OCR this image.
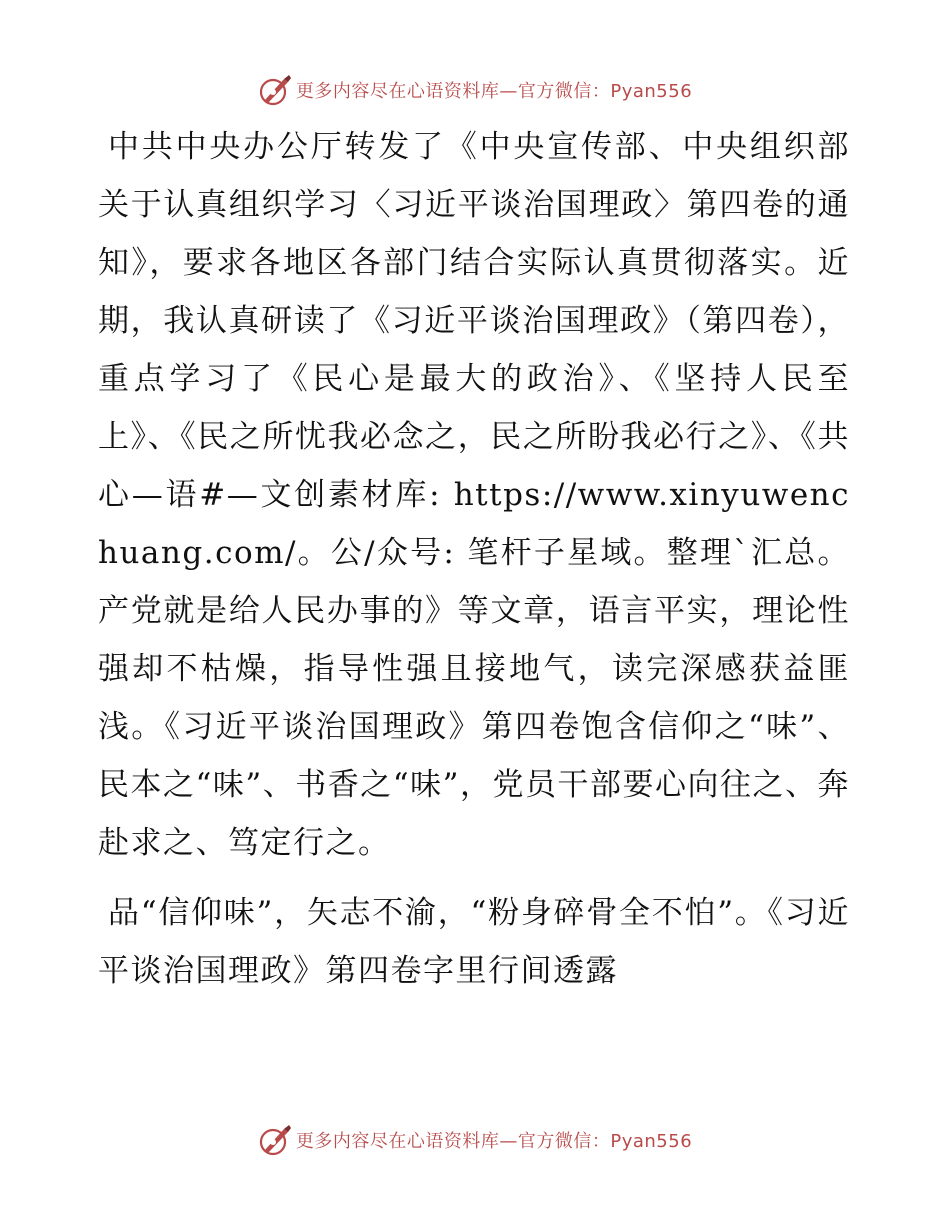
更多内容尽在心语资料库—官方微信：Pyan556

中共中央办公厅转发了《中央宣传部、中央组织部关于认真组织学习〈习近平谈治国理政〉第四卷的通知》，要求各地区各部门结合实际认真贯彻落实。近期，我认真研读了《习近平谈治国理政》（第四卷），重点学习了《民心是最大的政治》、《坚持人民至上》、《民之所忧我必念之，民之所盼我必行之》、《共心—语#—文创素材库: https://www.xinyuwenchuang.com/。公/众号: 笔杆子星域。整理`汇总。产党就是给人民办事的》等文章，语言平实，理论性强却不枯燥，指导性强且接地气，读完深感获益匪浅。《习近平谈治国理政》第四卷饱含信仰之“味”、民本之“味”、书香之“味”，党员干部要心向往之、奔赴求之、笃定行之。

品“信仰味”，矢志不渝，“粉身碎骨全不怕”。《习近平谈治国理政》第四卷字里行间透露

更多内容尽在心语资料库—官方微信：Pyan556
